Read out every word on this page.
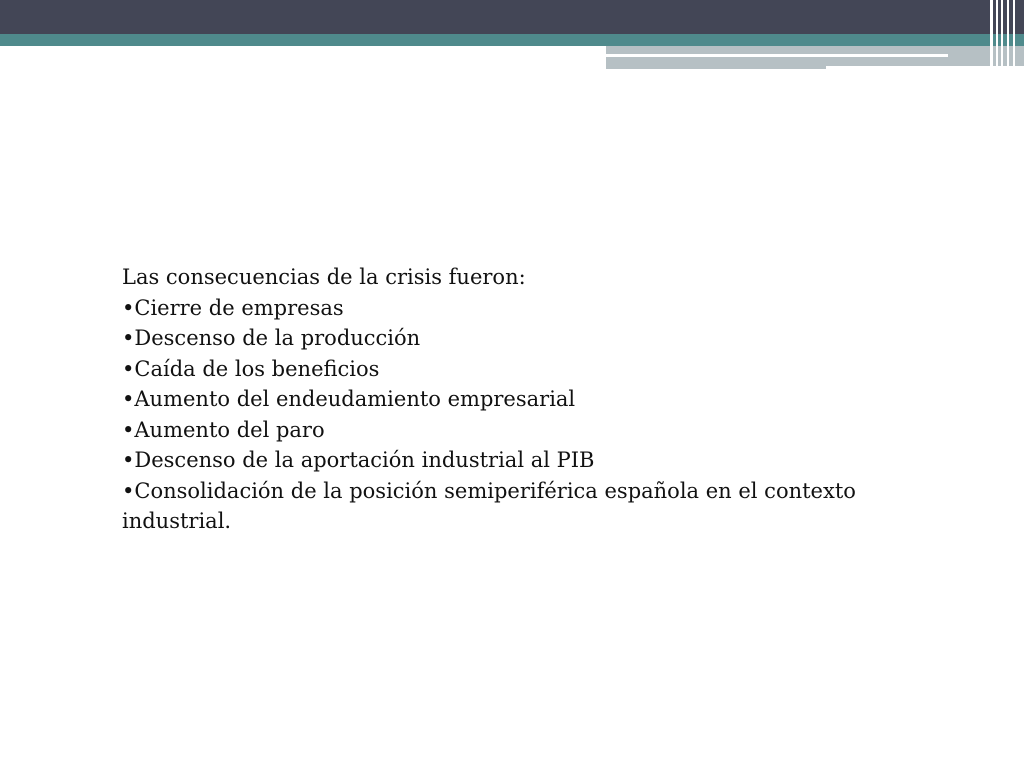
Las consecuencias de la crisis fueron:

•Cierre de empresas

•Descenso de la producción

•Caída de los beneficios

•Aumento del endeudamiento empresarial

•Aumento del paro

•Descenso de la aportación industrial al PIB

•Consolidación de la posición semiperiférica española en el contexto industrial.
